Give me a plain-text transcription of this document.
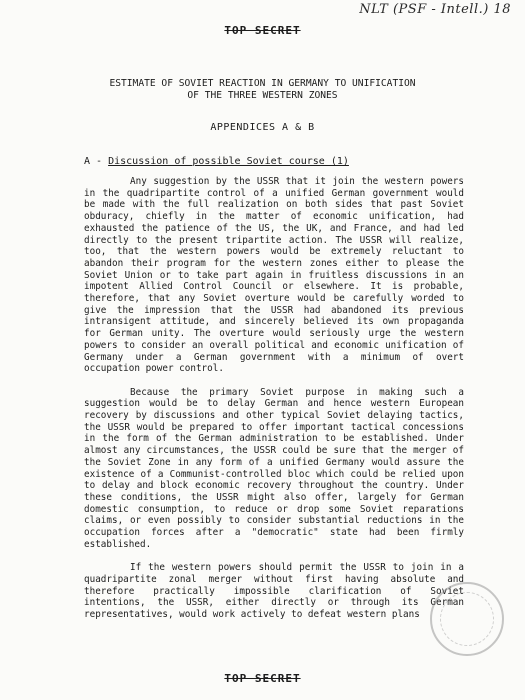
NLT (PSF - Intell.) 18
TOP SECRET
ESTIMATE OF SOVIET REACTION IN GERMANY TO UNIFICATION
OF THE THREE WESTERN ZONES
APPENDICES A & B
A - Discussion of possible Soviet course (1)

Any suggestion by the USSR that it join the western powers in the quadripartite control of a unified German government would be made with the full realization on both sides that past Soviet obduracy, chiefly in the matter of economic unification, had exhausted the patience of the US, the UK, and France, and had led directly to the present tripartite action. The USSR will realize, too, that the western powers would be extremely reluctant to abandon their program for the western zones either to please the Soviet Union or to take part again in fruitless discussions in an impotent Allied Control Council or elsewhere. It is probable, therefore, that any Soviet overture would be carefully worded to give the impression that the USSR had abandoned its previous intransigent attitude, and sincerely believed its own propaganda for German unity. The overture would seriously urge the western powers to consider an overall political and economic unification of Germany under a German government with a minimum of overt occupation power control.

Because the primary Soviet purpose in making such a suggestion would be to delay German and hence western European recovery by discussions and other typical Soviet delaying tactics, the USSR would be prepared to offer important tactical concessions in the form of the German administration to be established. Under almost any circumstances, the USSR could be sure that the merger of the Soviet Zone in any form of a unified Germany would assure the existence of a Communist-controlled bloc which could be relied upon to delay and block economic recovery throughout the country. Under these conditions, the USSR might also offer, largely for German domestic consumption, to reduce or drop some Soviet reparations claims, or even possibly to consider substantial reductions in the occupation forces after a "democratic" state had been firmly established.

If the western powers should permit the USSR to join in a quadripartite zonal merger without first having absolute and therefore practically impossible clarification of Soviet intentions, the USSR, either directly or through its German representatives, would work actively to defeat western plans

TOP SECRET
